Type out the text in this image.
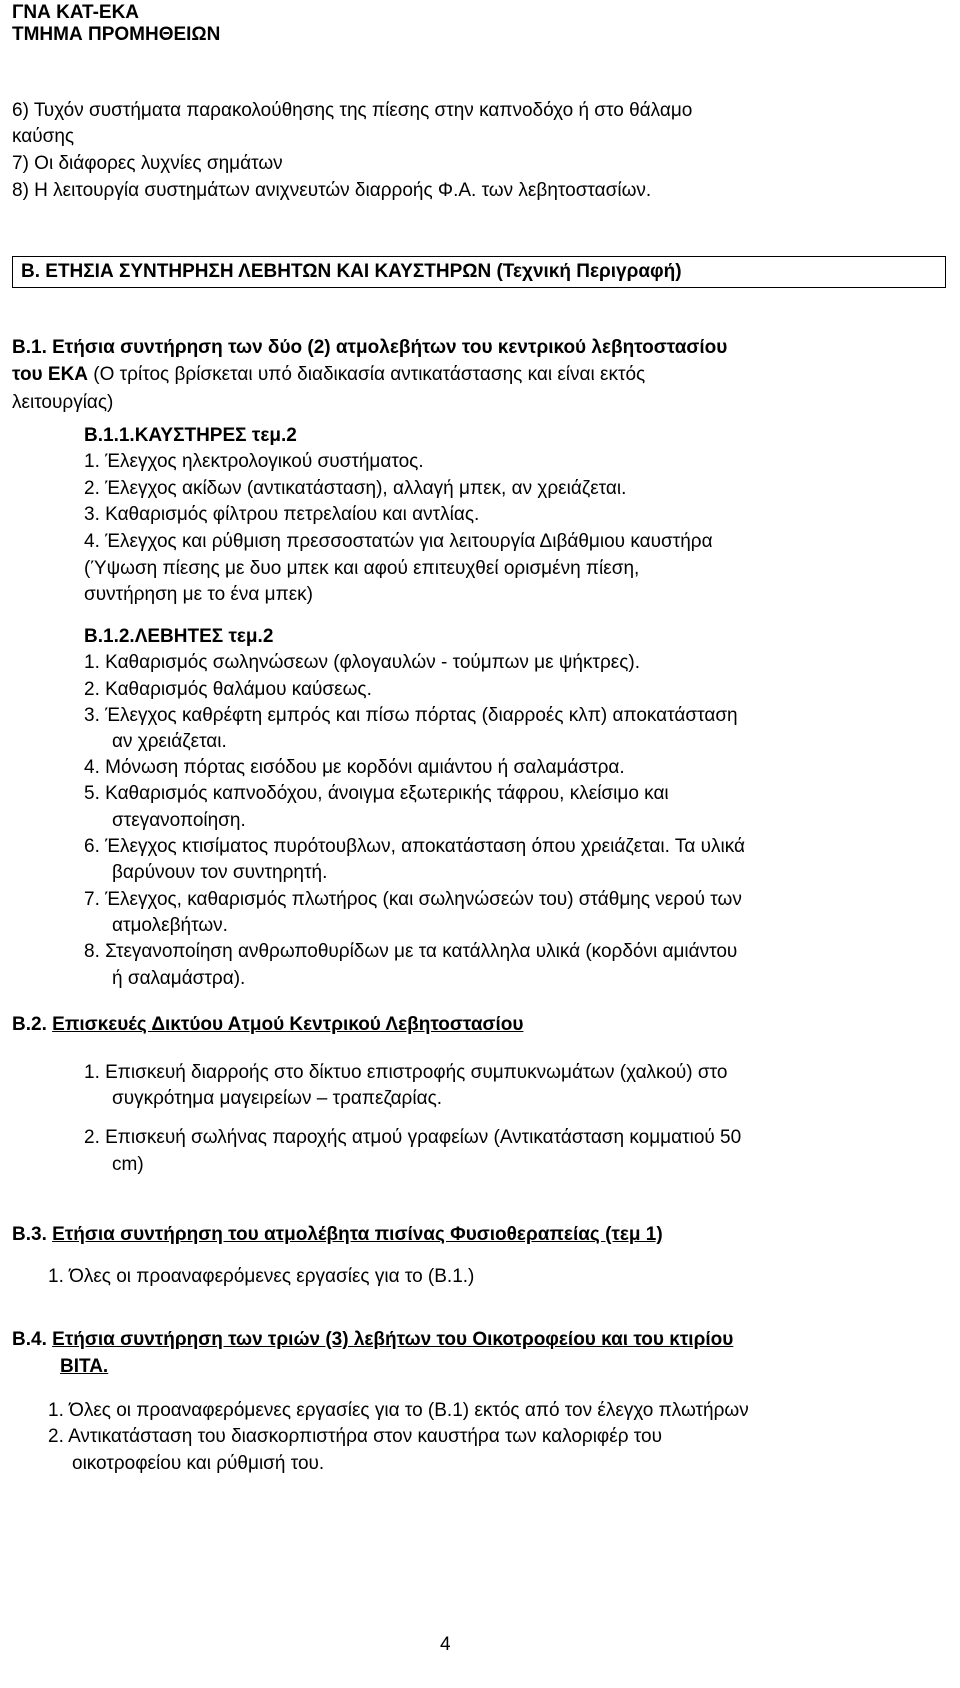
ΓΝΑ ΚΑΤ-ΕΚΑ
ΤΜΗΜΑ ΠΡΟΜΗΘΕΙΩΝ
6) Τυχόν συστήματα παρακολούθησης της πίεσης στην καπνοδόχο ή στο θάλαμο
καύσης
7) Οι διάφορες λυχνίες σημάτων
8) Η λειτουργία συστημάτων ανιχνευτών διαρροής Φ.Α. των λεβητοστασίων.
Β. ΕΤΗΣΙΑ ΣΥΝΤΗΡΗΣΗ ΛΕΒΗΤΩΝ ΚΑΙ ΚΑΥΣΤΗΡΩΝ (Τεχνική Περιγραφή)
Β.1. Ετήσια συντήρηση των δύο (2) ατμολεβήτων του κεντρικού λεβητοστασίου
του ΕΚΑ (Ο τρίτος βρίσκεται υπό διαδικασία αντικατάστασης και είναι εκτός
λειτουργίας)
Β.1.1.ΚΑΥΣΤΗΡΕΣ τεμ.2
1. Έλεγχος ηλεκτρολογικού συστήματος.
2. Έλεγχος ακίδων (αντικατάσταση), αλλαγή μπεκ, αν χρειάζεται.
3. Καθαρισμός φίλτρου πετρελαίου και αντλίας.
4. Έλεγχος και ρύθμιση πρεσσοστατών για λειτουργία Διβάθμιου καυστήρα
(Ύψωση πίεσης με δυο μπεκ και αφού επιτευχθεί ορισμένη πίεση,
συντήρηση με το ένα μπεκ)
Β.1.2.ΛΕΒΗΤΕΣ τεμ.2
1. Καθαρισμός σωληνώσεων (φλογαυλών - τούμπων με ψήκτρες).
2. Καθαρισμός θαλάμου καύσεως.
3. Έλεγχος καθρέφτη εμπρός και πίσω πόρτας (διαρροές κλπ) αποκατάσταση
αν χρειάζεται.
4. Μόνωση πόρτας εισόδου με κορδόνι αμιάντου ή σαλαμάστρα.
5. Καθαρισμός καπνοδόχου, άνοιγμα εξωτερικής τάφρου, κλείσιμο και
στεγανοποίηση.
6. Έλεγχος κτισίματος πυρότουβλων, αποκατάσταση όπου χρειάζεται. Τα υλικά
βαρύνουν τον συντηρητή.
7. Έλεγχος, καθαρισμός πλωτήρος (και σωληνώσεών του) στάθμης νερού των
ατμολεβήτων.
8. Στεγανοποίηση ανθρωποθυρίδων με τα κατάλληλα υλικά (κορδόνι αμιάντου
ή σαλαμάστρα).
Β.2. Επισκευές Δικτύου Ατμού Κεντρικού Λεβητοστασίου
1. Επισκευή διαρροής στο δίκτυο επιστροφής συμπυκνωμάτων (χαλκού) στο
συγκρότημα μαγειρείων – τραπεζαρίας.
2. Επισκευή σωλήνας παροχής ατμού γραφείων (Αντικατάσταση κομματιού 50
cm)
Β.3. Ετήσια συντήρηση του ατμολέβητα πισίνας Φυσιοθεραπείας (τεμ 1)
1. Όλες οι προαναφερόμενες εργασίες για το (Β.1.)
Β.4. Ετήσια συντήρηση των τριών (3) λεβήτων του Οικοτροφείου και του κτιρίου
ΒΙΤΑ.
1. Όλες οι προαναφερόμενες εργασίες για το (Β.1) εκτός από τον έλεγχο πλωτήρων
2. Αντικατάσταση του διασκορπιστήρα στον καυστήρα των καλοριφέρ του
οικοτροφείου και ρύθμισή του.
4
